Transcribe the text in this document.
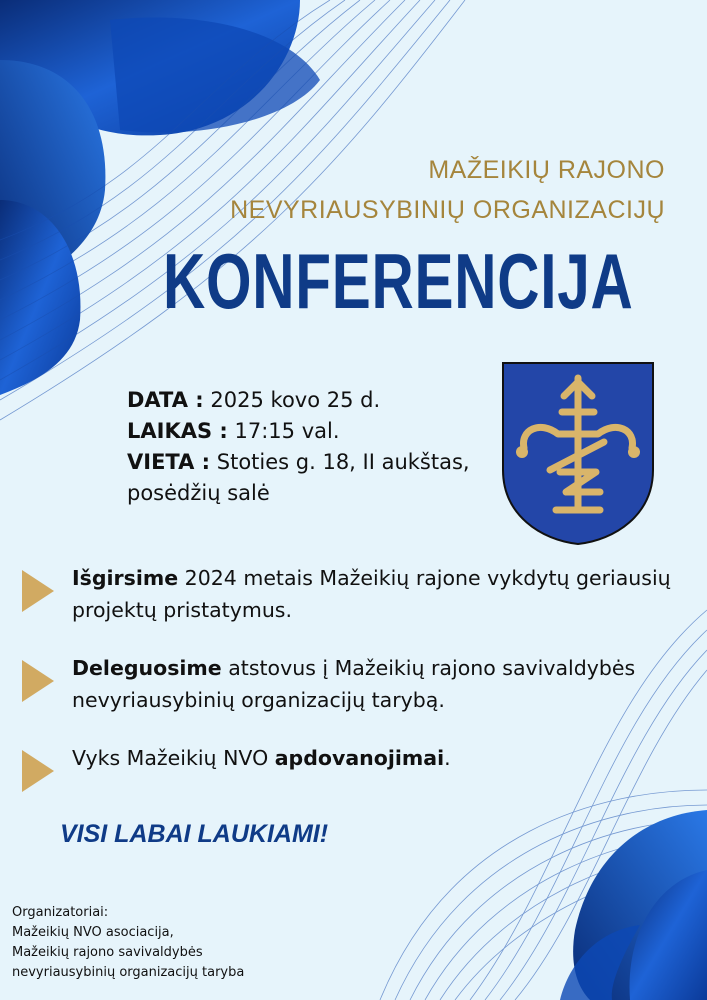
MAŽEIKIŲ RAJONO
NEVYRIAUSYBINIŲ ORGANIZACIJŲ
KONFERENCIJA
DATA : 2025 kovo 25 d.
LAIKAS : 17:15 val.
VIETA : Stoties g. 18, II aukštas,
posėdžių salė
Išgirsime 2024 metais Mažeikių rajone vykdytų geriausių projektų pristatymus.
Deleguosime atstovus į Mažeikių rajono savivaldybės nevyriausybinių organizacijų tarybą.
Vyks Mažeikių NVO apdovanojimai.
VISI LABAI LAUKIAMI!
Organizatoriai:
Mažeikių NVO asociacija,
Mažeikių rajono savivaldybės
nevyriausybinių organizacijų taryba
